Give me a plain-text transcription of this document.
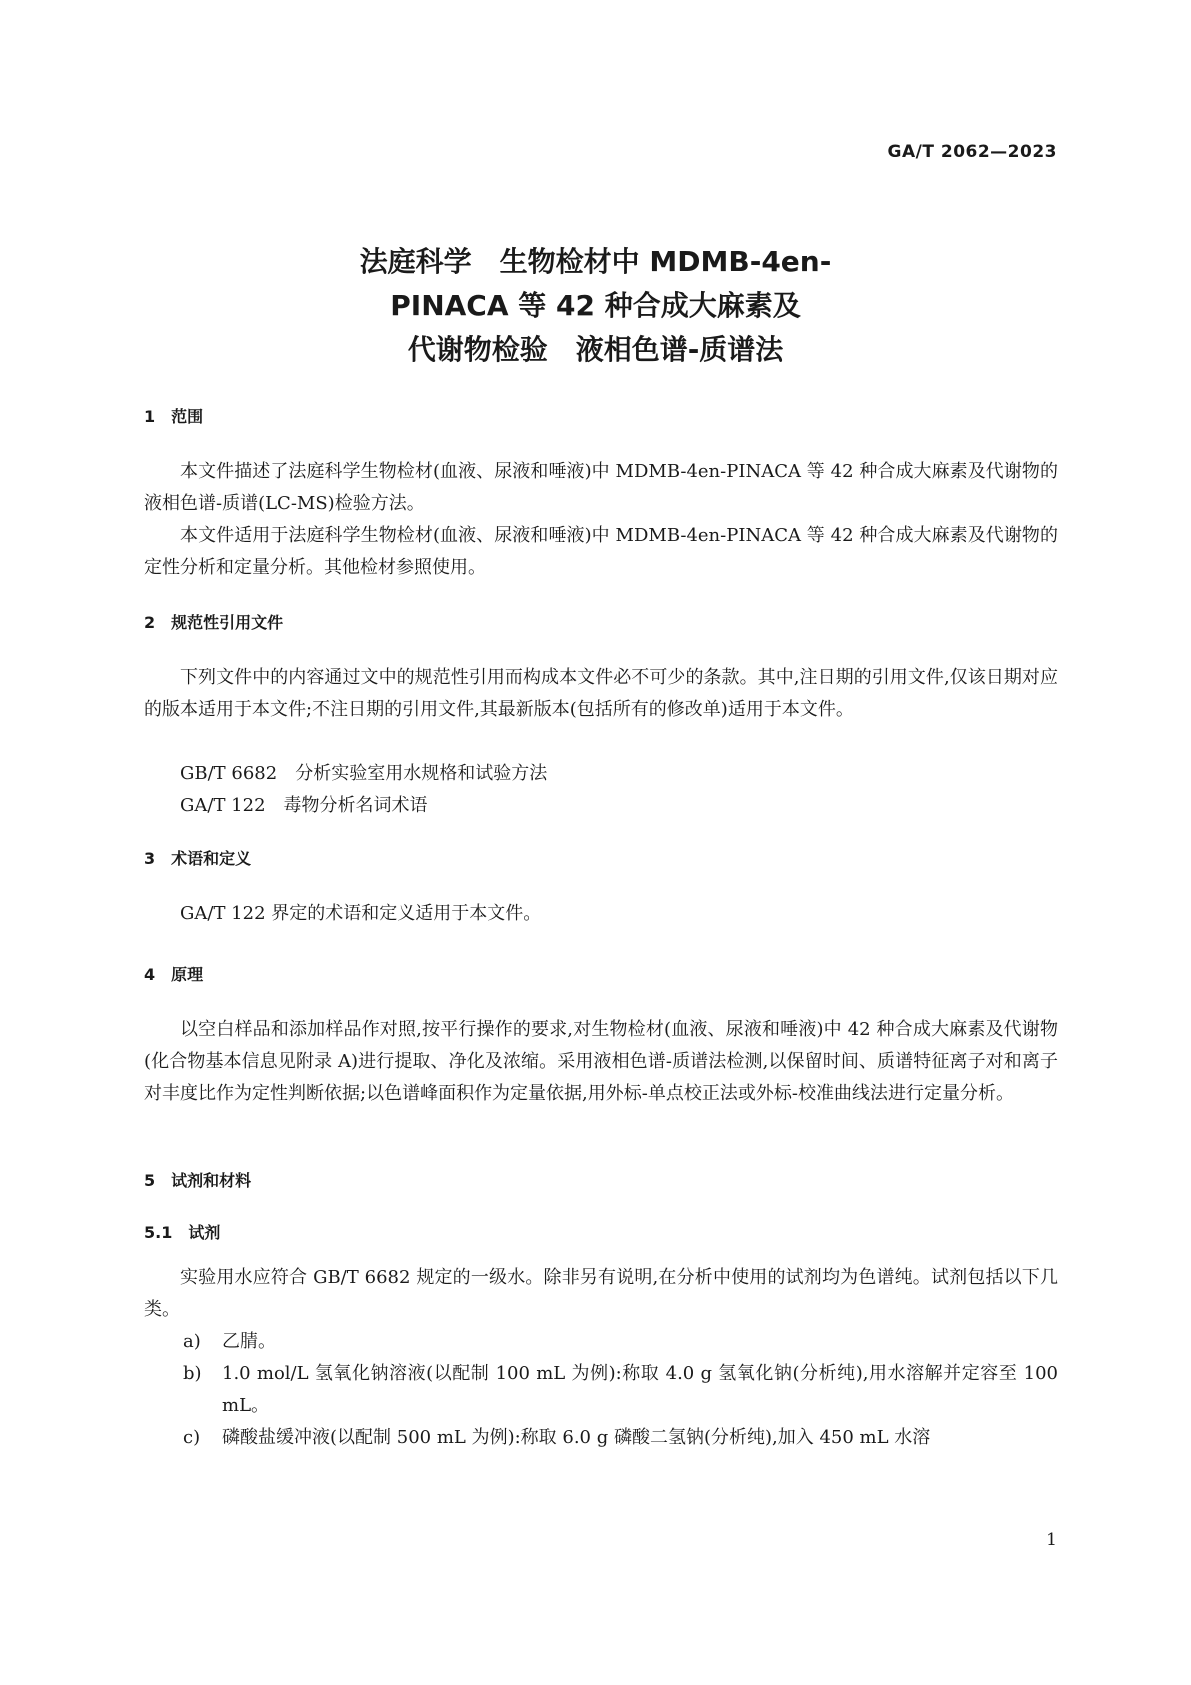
GA/T 2062—2023
法庭科学　生物检材中 MDMB-4en-
PINACA 等 42 种合成大麻素及
代谢物检验　液相色谱-质谱法
1　范围

本文件描述了法庭科学生物检材(血液、尿液和唾液)中 MDMB-4en-PINACA 等 42 种合成大麻素及代谢物的液相色谱-质谱(LC-MS)检验方法。

本文件适用于法庭科学生物检材(血液、尿液和唾液)中 MDMB-4en-PINACA 等 42 种合成大麻素及代谢物的定性分析和定量分析。其他检材参照使用。

2　规范性引用文件

下列文件中的内容通过文中的规范性引用而构成本文件必不可少的条款。其中,注日期的引用文件,仅该日期对应的版本适用于本文件;不注日期的引用文件,其最新版本(包括所有的修改单)适用于本文件。

GB/T 6682　分析实验室用水规格和试验方法
GA/T 122　毒物分析名词术语
3　术语和定义

GA/T 122 界定的术语和定义适用于本文件。

4　原理

以空白样品和添加样品作对照,按平行操作的要求,对生物检材(血液、尿液和唾液)中 42 种合成大麻素及代谢物(化合物基本信息见附录 A)进行提取、净化及浓缩。采用液相色谱-质谱法检测,以保留时间、质谱特征离子对和离子对丰度比作为定性判断依据;以色谱峰面积作为定量依据,用外标-单点校正法或外标-校准曲线法进行定量分析。

5　试剂和材料
5.1　试剂

实验用水应符合 GB/T 6682 规定的一级水。除非另有说明,在分析中使用的试剂均为色谱纯。试剂包括以下几类。

a) 乙腈。
b) 1.0 mol/L 氢氧化钠溶液(以配制 100 mL 为例):称取 4.0 g 氢氧化钠(分析纯),用水溶解并定容至 100 mL。
c) 磷酸盐缓冲液(以配制 500 mL 为例):称取 6.0 g 磷酸二氢钠(分析纯),加入 450 mL 水溶
1
